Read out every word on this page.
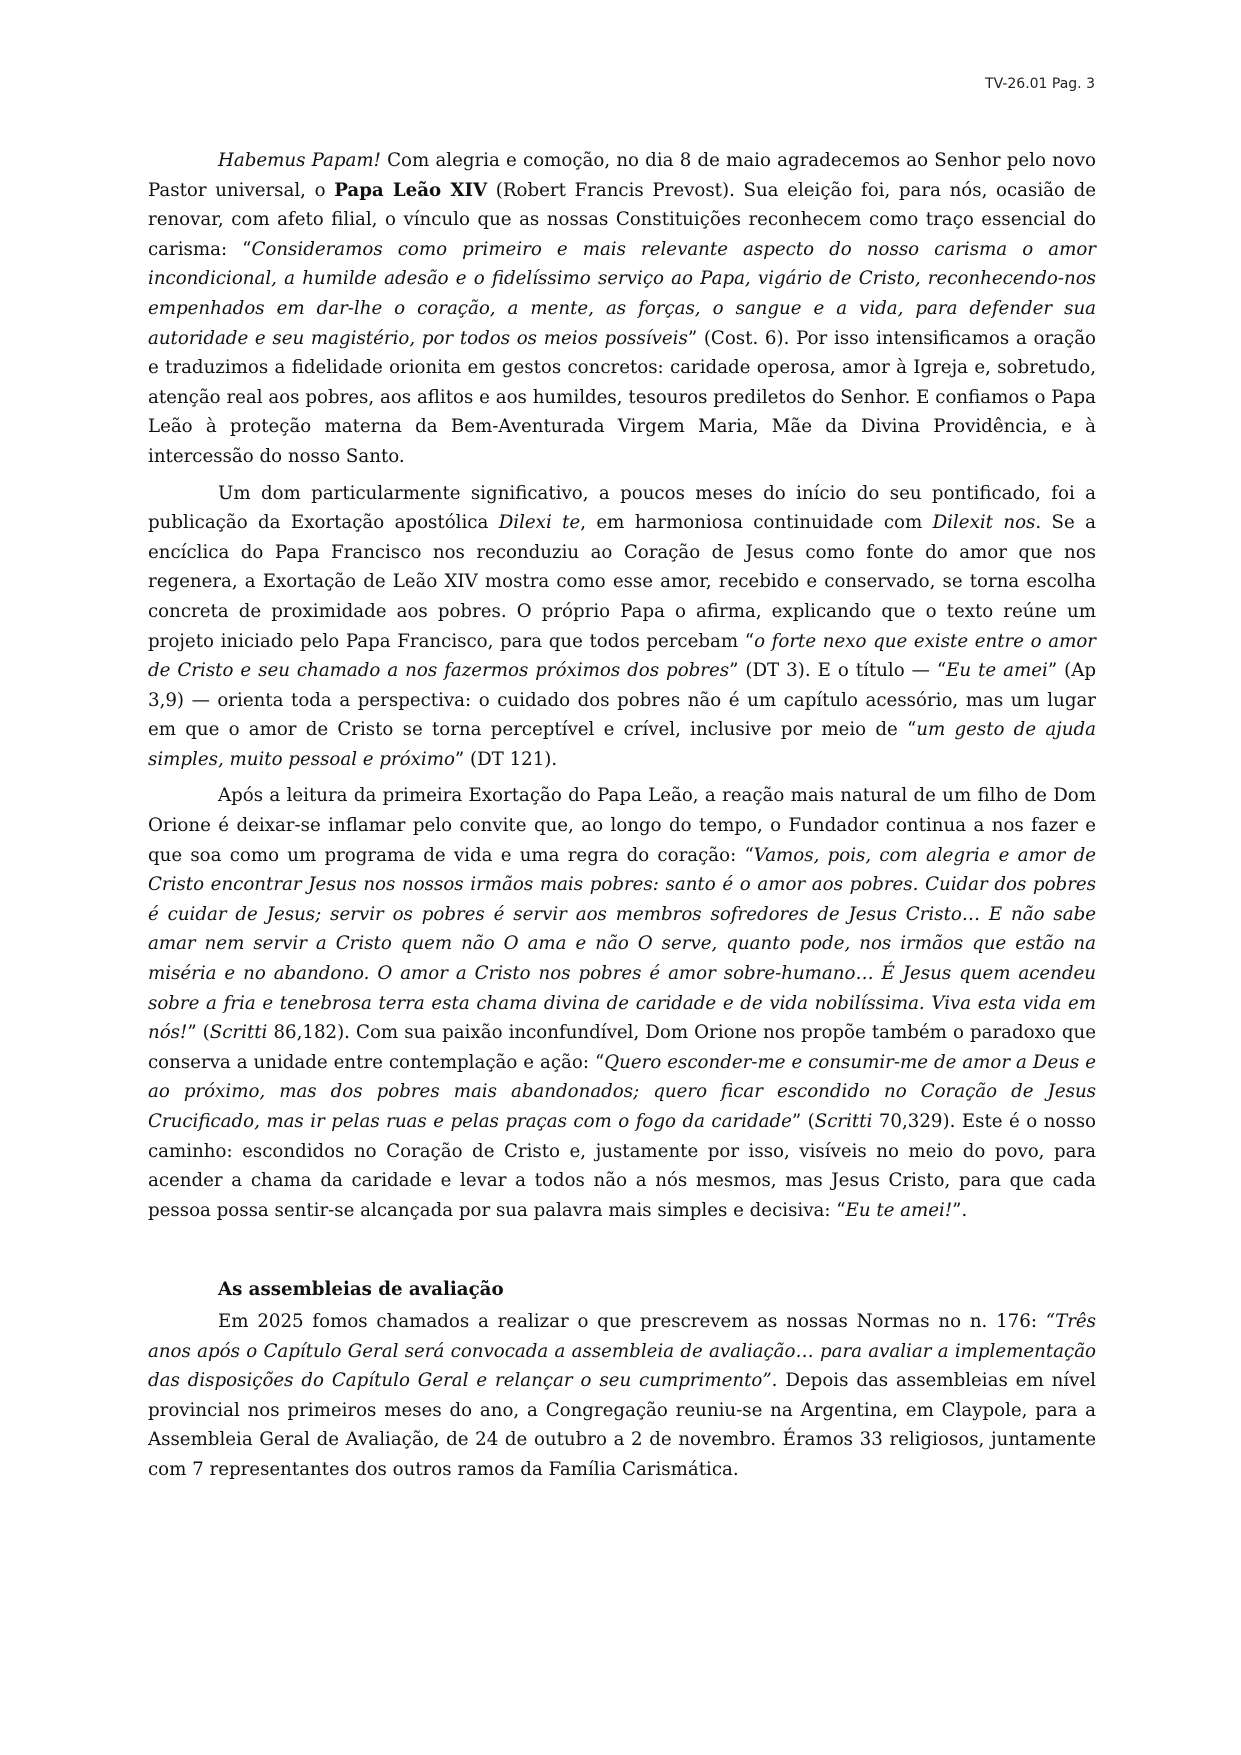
TV-26.01 Pag. 3

Habemus Papam! Com alegria e comoção, no dia 8 de maio agradecemos ao Senhor pelo novo Pastor universal, o Papa Leão XIV (Robert Francis Prevost). Sua eleição foi, para nós, ocasião de renovar, com afeto filial, o vínculo que as nossas Constituições reconhecem como traço essencial do carisma: “Consideramos como primeiro e mais relevante aspecto do nosso carisma o amor incondicional, a humilde adesão e o fidelíssimo serviço ao Papa, vigário de Cristo, reconhecendo-nos empenhados em dar-lhe o coração, a mente, as forças, o sangue e a vida, para defender sua autoridade e seu magistério, por todos os meios possíveis” (Cost. 6). Por isso intensificamos a oração e traduzimos a fidelidade orionita em gestos concretos: caridade operosa, amor à Igreja e, sobretudo, atenção real aos pobres, aos aflitos e aos humildes, tesouros prediletos do Senhor. E confiamos o Papa Leão à proteção materna da Bem-Aventurada Virgem Maria, Mãe da Divina Providência, e à intercessão do nosso Santo.

Um dom particularmente significativo, a poucos meses do início do seu pontificado, foi a publicação da Exortação apostólica Dilexi te, em harmoniosa continuidade com Dilexit nos. Se a encíclica do Papa Francisco nos reconduziu ao Coração de Jesus como fonte do amor que nos regenera, a Exortação de Leão XIV mostra como esse amor, recebido e conservado, se torna escolha concreta de proximidade aos pobres. O próprio Papa o afirma, explicando que o texto reúne um projeto iniciado pelo Papa Francisco, para que todos percebam “o forte nexo que existe entre o amor de Cristo e seu chamado a nos fazermos próximos dos pobres” (DT 3). E o título — “Eu te amei” (Ap 3,9) — orienta toda a perspectiva: o cuidado dos pobres não é um capítulo acessório, mas um lugar em que o amor de Cristo se torna perceptível e crível, inclusive por meio de “um gesto de ajuda simples, muito pessoal e próximo” (DT 121).

Após a leitura da primeira Exortação do Papa Leão, a reação mais natural de um filho de Dom Orione é deixar-se inflamar pelo convite que, ao longo do tempo, o Fundador continua a nos fazer e que soa como um programa de vida e uma regra do coração: “Vamos, pois, com alegria e amor de Cristo encontrar Jesus nos nossos irmãos mais pobres: santo é o amor aos pobres. Cuidar dos pobres é cuidar de Jesus; servir os pobres é servir aos membros sofredores de Jesus Cristo… E não sabe amar nem servir a Cristo quem não O ama e não O serve, quanto pode, nos irmãos que estão na miséria e no abandono. O amor a Cristo nos pobres é amor sobre-humano… É Jesus quem acendeu sobre a fria e tenebrosa terra esta chama divina de caridade e de vida nobilíssima. Viva esta vida em nós!” (Scritti 86,182). Com sua paixão inconfundível, Dom Orione nos propõe também o paradoxo que conserva a unidade entre contemplação e ação: “Quero esconder-me e consumir-me de amor a Deus e ao próximo, mas dos pobres mais abandonados; quero ficar escondido no Coração de Jesus Crucificado, mas ir pelas ruas e pelas praças com o fogo da caridade” (Scritti 70,329). Este é o nosso caminho: escondidos no Coração de Cristo e, justamente por isso, visíveis no meio do povo, para acender a chama da caridade e levar a todos não a nós mesmos, mas Jesus Cristo, para que cada pessoa possa sentir-se alcançada por sua palavra mais simples e decisiva: “Eu te amei!”.

As assembleias de avaliação

Em 2025 fomos chamados a realizar o que prescrevem as nossas Normas no n. 176: “Três anos após o Capítulo Geral será convocada a assembleia de avaliação… para avaliar a implementação das disposições do Capítulo Geral e relançar o seu cumprimento”. Depois das assembleias em nível provincial nos primeiros meses do ano, a Congregação reuniu-se na Argentina, em Claypole, para a Assembleia Geral de Avaliação, de 24 de outubro a 2 de novembro. Éramos 33 religiosos, juntamente com 7 representantes dos outros ramos da Família Carismática.
